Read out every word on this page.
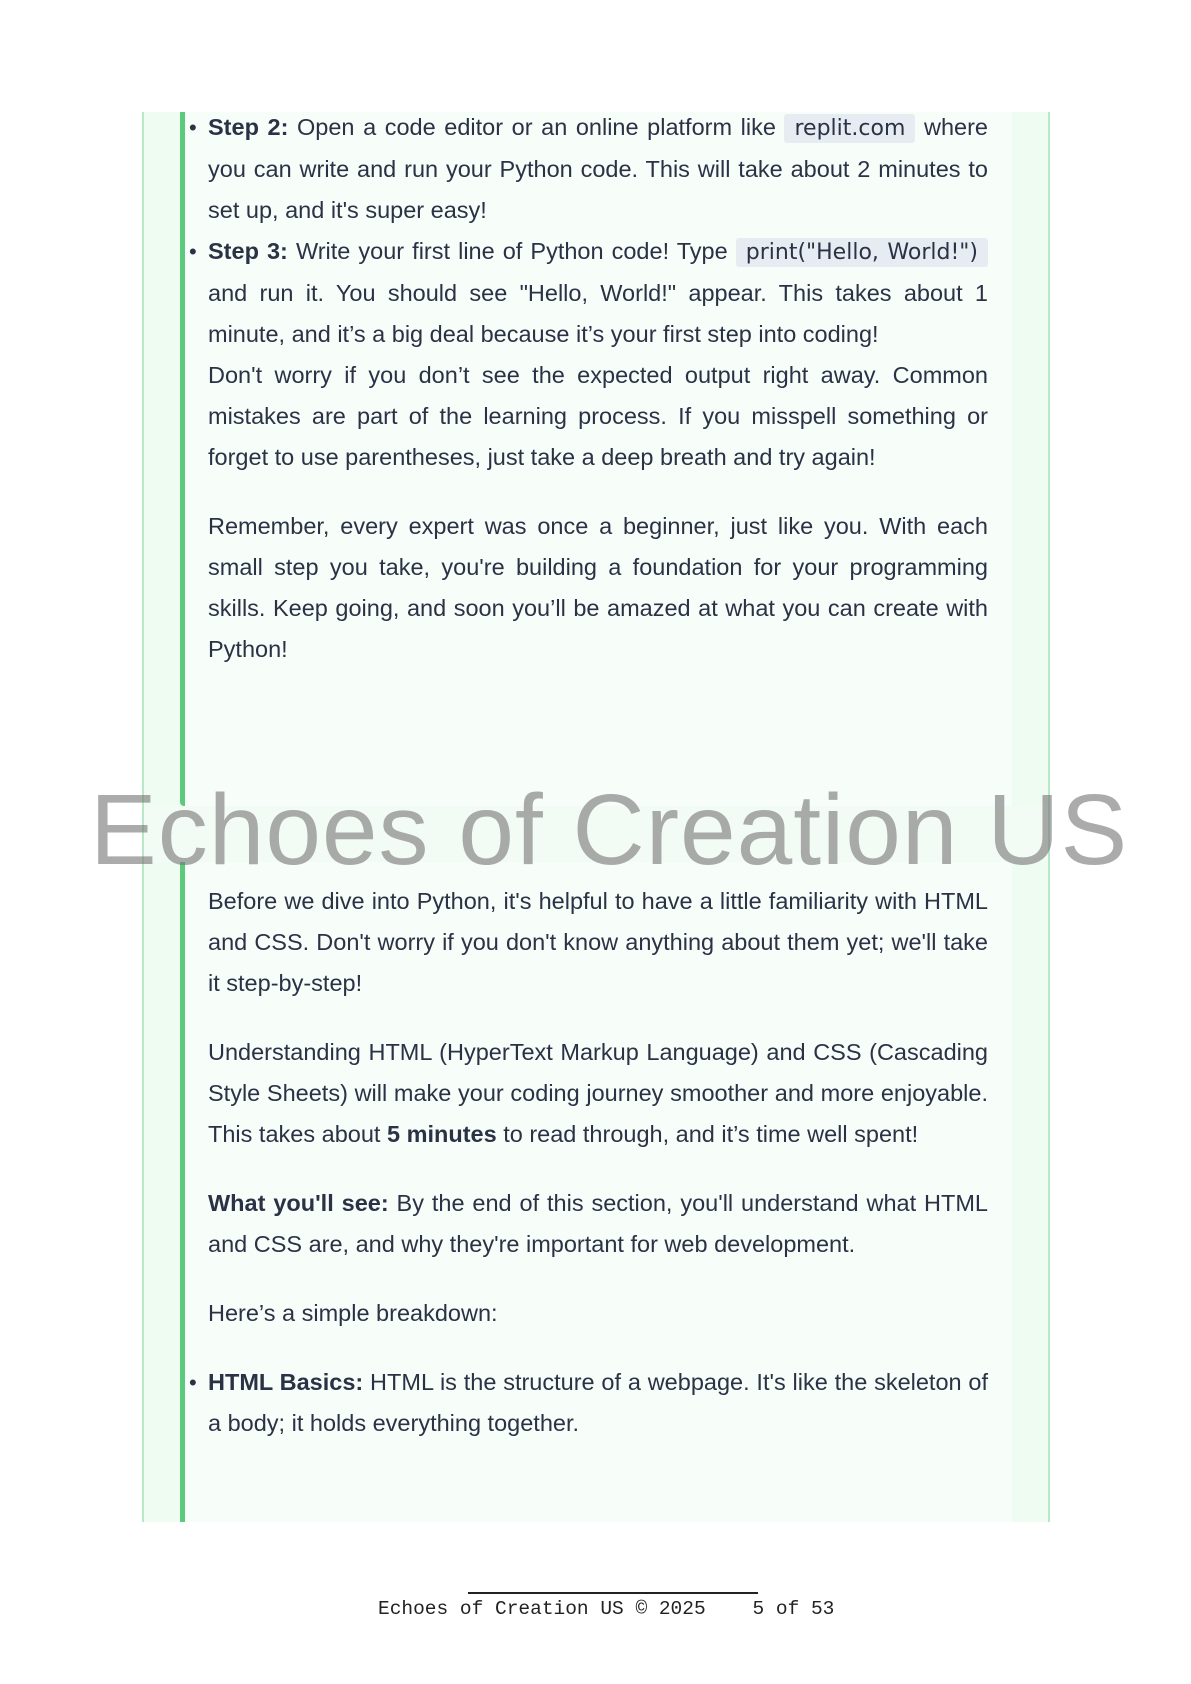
• Step 2: Open a code editor or an online platform like replit.com where you can write and run your Python code. This will take about 2 minutes to set up, and it's super easy!
• Step 3: Write your first line of Python code! Type print("Hello, World!") and run it. You should see "Hello, World!" appear. This takes about 1 minute, and it’s a big deal because it’s your first step into coding!

Don't worry if you don’t see the expected output right away. Common mistakes are part of the learning process. If you misspell something or forget to use parentheses, just take a deep breath and try again!

Remember, every expert was once a beginner, just like you. With each small step you take, you're building a foundation for your programming skills. Keep going, and soon you’ll be amazed at what you can create with Python!

Before we dive into Python, it's helpful to have a little familiarity with HTML and CSS. Don't worry if you don't know anything about them yet; we'll take it step-by-step!

Understanding HTML (HyperText Markup Language) and CSS (Cascading Style Sheets) will make your coding journey smoother and more enjoyable. This takes about 5 minutes to read through, and it’s time well spent!

What you'll see: By the end of this section, you'll understand what HTML and CSS are, and why they're important for web development.

Here’s a simple breakdown:

• HTML Basics: HTML is the structure of a webpage. It's like the skeleton of a body; it holds everything together.
Echoes of Creation US
Echoes of Creation US © 2025 5 of 53
